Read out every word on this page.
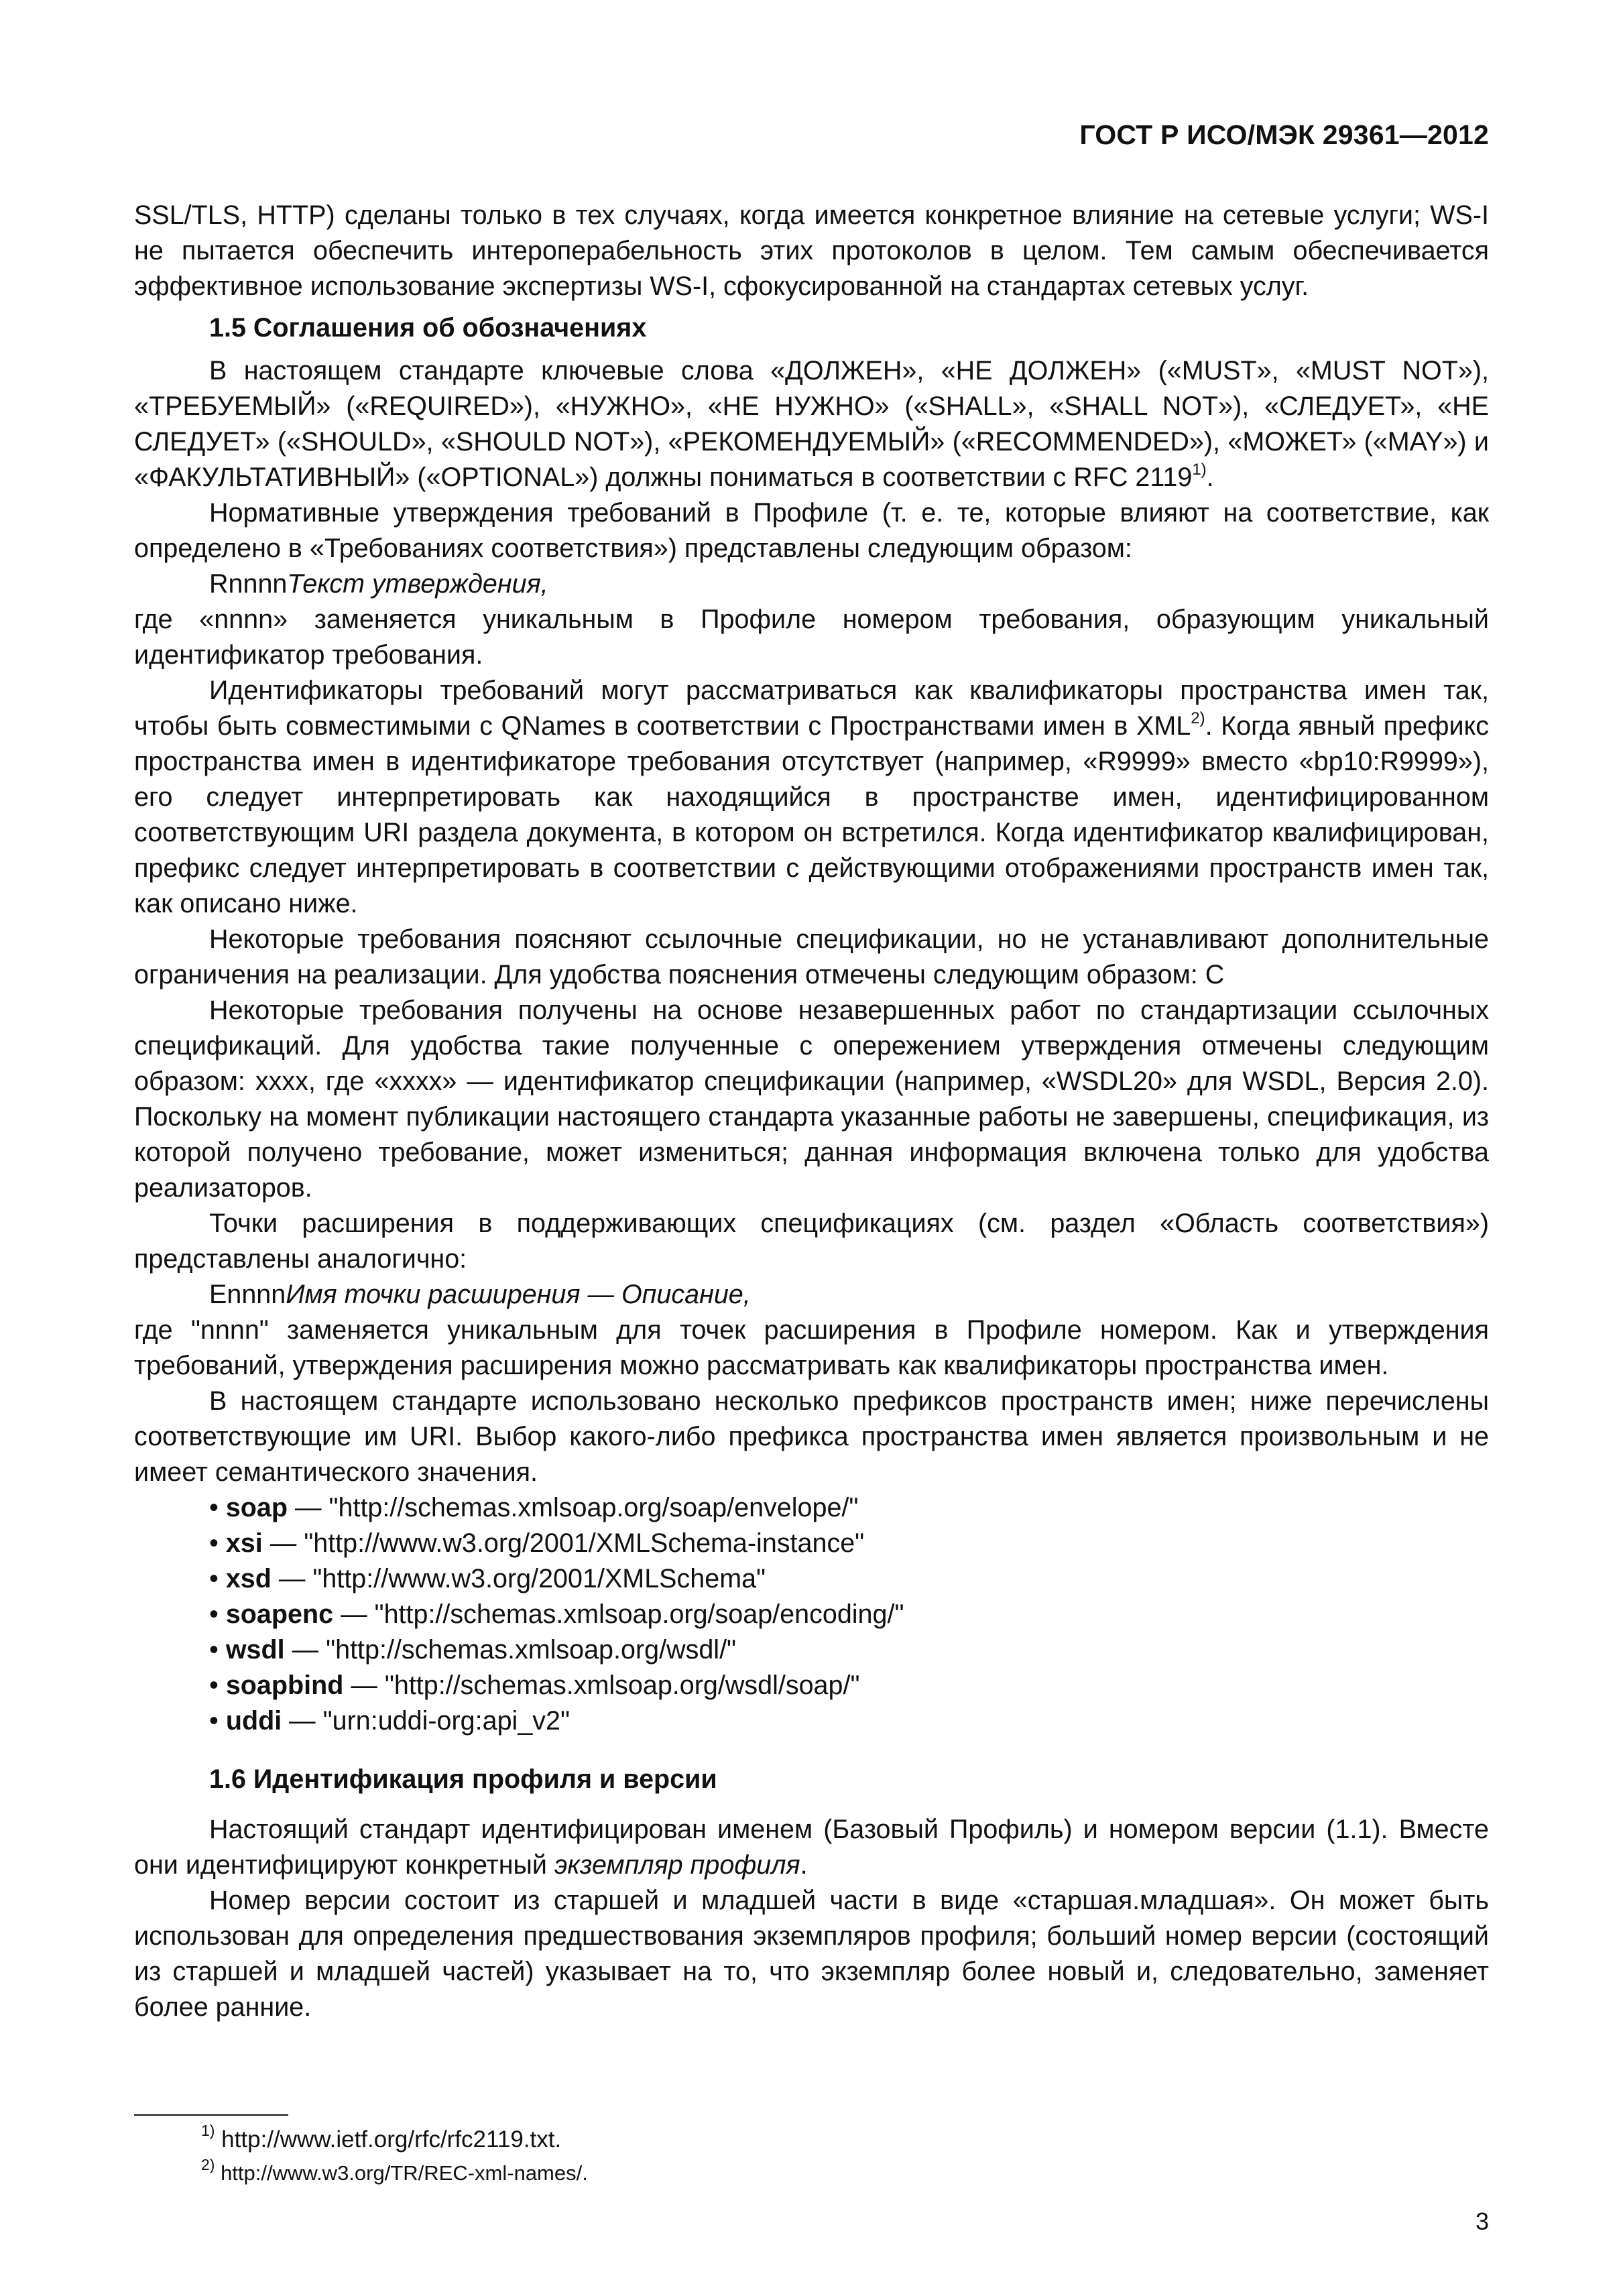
ГОСТ Р ИСО/МЭК 29361—2012

SSL/TLS, HTTP) сделаны только в тех случаях, когда имеется конкретное влияние на сетевые услуги; WS-I не пытается обеспечить интероперабельность этих протоколов в целом. Тем самым обеспечивается эффективное использование экспертизы WS-I, сфокусированной на стандартах сетевых услуг.

1.5 Соглашения об обозначениях

В настоящем стандарте ключевые слова «ДОЛЖЕН», «НЕ ДОЛЖЕН» («MUST», «MUST NOT»), «ТРЕБУЕМЫЙ» («REQUIRED»), «НУЖНО», «НЕ НУЖНО» («SHALL», «SHALL NOT»), «СЛЕДУЕТ», «НЕ СЛЕДУЕТ» («SHOULD», «SHOULD NOT»), «РЕКОМЕНДУЕМЫЙ» («RECOMMENDED»), «МОЖЕТ» («MAY») и «ФАКУЛЬТАТИВНЫЙ» («OPTIONAL») должны пониматься в соответствии с RFC 2119$^{1)}$.

Нормативные утверждения требований в Профиле (т. е. те, которые влияют на соответствие, как определено в «Требованиях соответствия») представлены следующим образом:

RnnnnТекст утверждения,

где «nnnn» заменяется уникальным в Профиле номером требования, образующим уникальный идентификатор требования.

Идентификаторы требований могут рассматриваться как квалификаторы пространства имен так, чтобы быть совместимыми с QNames в соответствии с Пространствами имен в XML$^{2)}$. Когда явный префикс пространства имен в идентификаторе требования отсутствует (например, «R9999» вместо «bp10:R9999»), его следует интерпретировать как находящийся в пространстве имен, идентифицированном соответствующим URI раздела документа, в котором он встретился. Когда идентификатор квалифицирован, префикс следует интерпретировать в соответствии с действующими отображениями пространств имен так, как описано ниже.

Некоторые требования поясняют ссылочные спецификации, но не устанавливают дополнительные ограничения на реализации. Для удобства пояснения отмечены следующим образом: С

Некоторые требования получены на основе незавершенных работ по стандартизации ссылочных спецификаций. Для удобства такие полученные с опережением утверждения отмечены следующим образом: xxxx, где «xxxx» — идентификатор спецификации (например, «WSDL20» для WSDL, Версия 2.0). Поскольку на момент публикации настоящего стандарта указанные работы не завершены, спецификация, из которой получено требование, может измениться; данная информация включена только для удобства реализаторов.

Точки расширения в поддерживающих спецификациях (см. раздел «Область соответствия») представлены аналогично:

EnnnnИмя точки расширения — Описание,

где "nnnn" заменяется уникальным для точек расширения в Профиле номером. Как и утверждения требований, утверждения расширения можно рассматривать как квалификаторы пространства имен.

В настоящем стандарте использовано несколько префиксов пространств имен; ниже перечислены соответствующие им URI. Выбор какого-либо префикса пространства имен является произвольным и не имеет семантического значения.

• soap — "http://schemas.xmlsoap.org/soap/envelope/"
• xsi — "http://www.w3.org/2001/XMLSchema-instance"
• xsd — "http://www.w3.org/2001/XMLSchema"
• soapenc — "http://schemas.xmlsoap.org/soap/encoding/"
• wsdl — "http://schemas.xmlsoap.org/wsdl/"
• soapbind — "http://schemas.xmlsoap.org/wsdl/soap/"
• uddi — "urn:uddi-org:api_v2"
1.6 Идентификация профиля и версии

Настоящий стандарт идентифицирован именем (Базовый Профиль) и номером версии (1.1). Вместе они идентифицируют конкретный экземпляр профиля.

Номер версии состоит из старшей и младшей части в виде «старшая.младшая». Он может быть использован для определения предшествования экземпляров профиля; больший номер версии (состоящий из старшей и младшей частей) указывает на то, что экземпляр более новый и, следовательно, заменяет более ранние.

$^{1)}$ http://www.ietf.org/rfc/rfc2119.txt.

$^{2)}$ http://www.w3.org/TR/REC-xml-names/.

3
